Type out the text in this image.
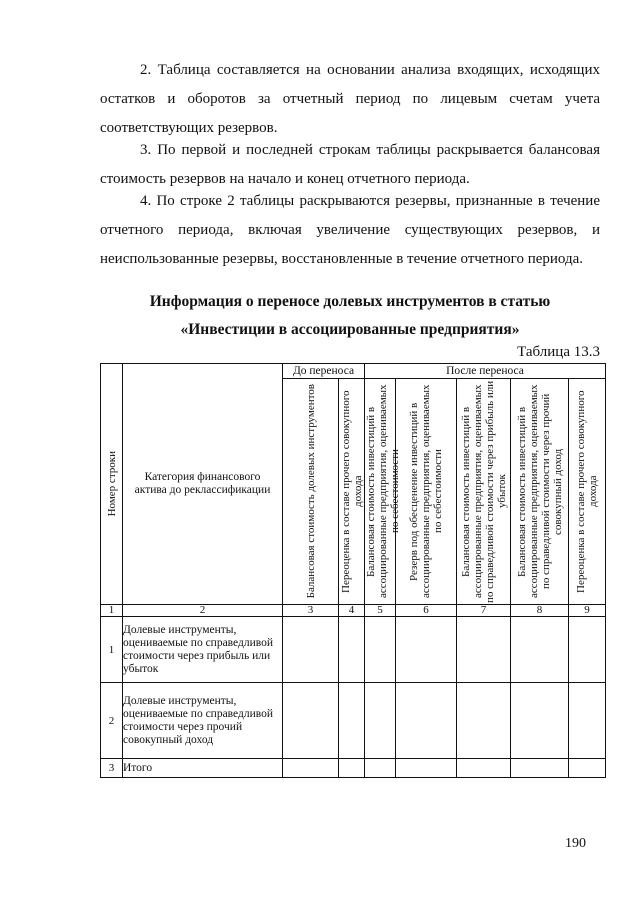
2. Таблица составляется на основании анализа входящих, исходящих остатков и оборотов за отчетный период по лицевым счетам учета соответствующих резервов.

3. По первой и последней строкам таблицы раскрывается балансовая стоимость резервов на начало и конец отчетного периода.

4. По строке 2 таблицы раскрываются резервы, признанные в течение отчетного периода, включая увеличение существующих резервов, и неиспользованные резервы, восстановленные в течение отчетного периода.

Информация о переносе долевых инструментов в статью

«Инвестиции в ассоциированные предприятия»

Таблица 13.3

Номер строки	Категория финансового актива до реклассификации	До переноса		После переноса				

		Балансовая стоимость долевых инструментов	Переоценка в составе прочего совокупного дохода	Балансовая стоимость инвестиций в ассоциированные предприятия, оцениваемых по себестоимости	Резерв под обесценение инвестиций в ассоциированные предприятия, оцениваемых по себестоимости	Балансовая стоимость инвестиций в ассоциированные предприятия, оцениваемых по справедливой стоимости через прибыль или убыток	Балансовая стоимость инвестиций в ассоциированные предприятия, оцениваемых по справедливой стоимости через прочий совокупный доход	Переоценка в составе прочего совокупного дохода

1	2	3	4	5	6	7	8	9
1	Долевые инструменты, оцениваемые по справедливой стоимости через прибыль или убыток							
2	Долевые инструменты, оцениваемые по справедливой стоимости через прочий совокупный доход							
3	Итого							
190
